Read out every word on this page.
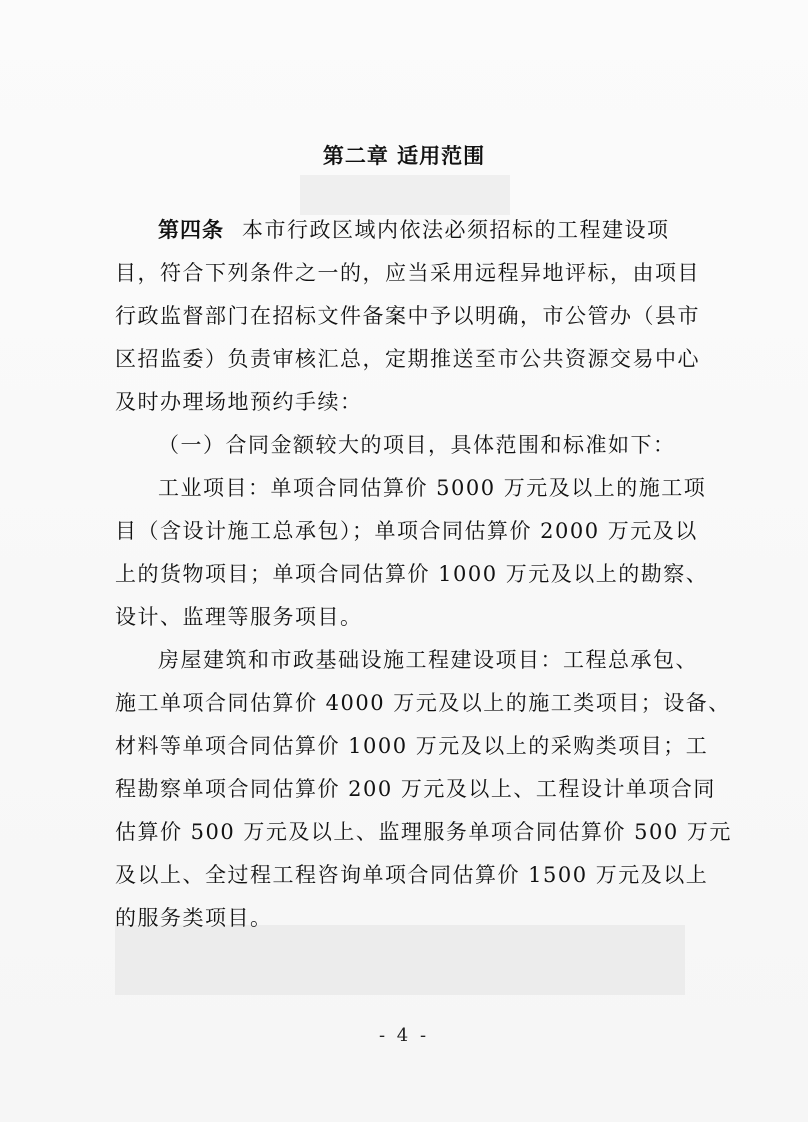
第二章 适用范围
第四条 本市行政区域内依法必须招标的工程建设项
目，符合下列条件之一的，应当采用远程异地评标，由项目
行政监督部门在招标文件备案中予以明确，市公管办（县市
区招监委）负责审核汇总，定期推送至市公共资源交易中心
及时办理场地预约手续：
（一）合同金额较大的项目，具体范围和标准如下：
工业项目：单项合同估算价 5000 万元及以上的施工项
目（含设计施工总承包）；单项合同估算价 2000 万元及以
上的货物项目；单项合同估算价 1000 万元及以上的勘察、
设计、监理等服务项目。
房屋建筑和市政基础设施工程建设项目：工程总承包、
施工单项合同估算价 4000 万元及以上的施工类项目；设备、
材料等单项合同估算价 1000 万元及以上的采购类项目；工
程勘察单项合同估算价 200 万元及以上、工程设计单项合同
估算价 500 万元及以上、监理服务单项合同估算价 500 万元
及以上、全过程工程咨询单项合同估算价 1500 万元及以上
的服务类项目。
- 4 -
